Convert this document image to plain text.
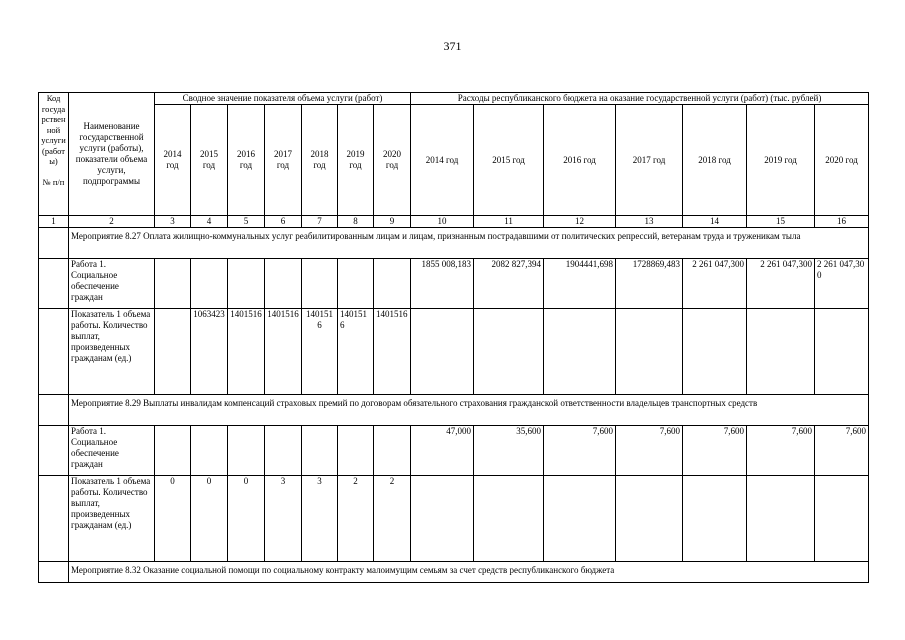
371
Код государственной услуги (работы)

№ п/п	Наименование государственной услуги (работы), показатели объема услуги, подпрограммы	Сводное значение показателя объема услуги (работ)							Расходы республиканского бюджета на оказание государственной услуги (работ) (тыс. рублей)						
		2014 год	2015 год	2016 год	2017 год	2018 год	2019 год	2020 год	2014 год	2015 год	2016 год	2017 год	2018 год	2019 год	2020 год
1	2	3	4	5	6	7	8	9	10	11	12	13	14	15	16
	Мероприятие 8.27 Оплата жилищно-коммунальных услуг реабилитированным лицам и лицам, признанным пострадавшими от политических репрессий, ветеранам труда и труженикам тыла														
	Работа 1. Социальное обеспечение граждан								1855 008,183	2082 827,394	1904441,698	1728869,483	2 261 047,300	2 261 047,300	2 261 047,300
	Показатель 1 объема работы. Количество выплат, произведенных гражданам (ед.)		1063423	1401516	1401516	1401516	1401516	1401516							
	Мероприятие 8.29 Выплаты инвалидам компенсаций страховых премий по договорам обязательного страхования гражданской ответственности владельцев транспортных средств														
	Работа 1. Социальное обеспечение граждан								47,000	35,600	7,600	7,600	7,600	7,600	7,600
	Показатель 1 объема работы. Количество выплат, произведенных гражданам (ед.)	0	0	0	3	3	2	2							
	Мероприятие 8.32 Оказание социальной помощи по социальному контракту малоимущим семьям за счет средств республиканского бюджета														
